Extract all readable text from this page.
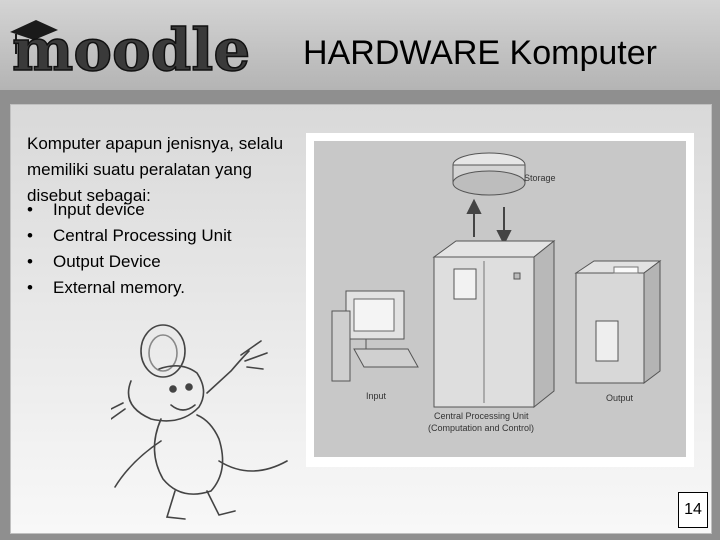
moodle	HARDWARE Komputer

Komputer apapun jenisnya, selalu memiliki suatu peralatan yang disebut sebagai:

• Input device
• Central Processing Unit
• Output Device
• External memory.
Storage
Input	Output
Central Processing Unit
(Computation and Control)
14
